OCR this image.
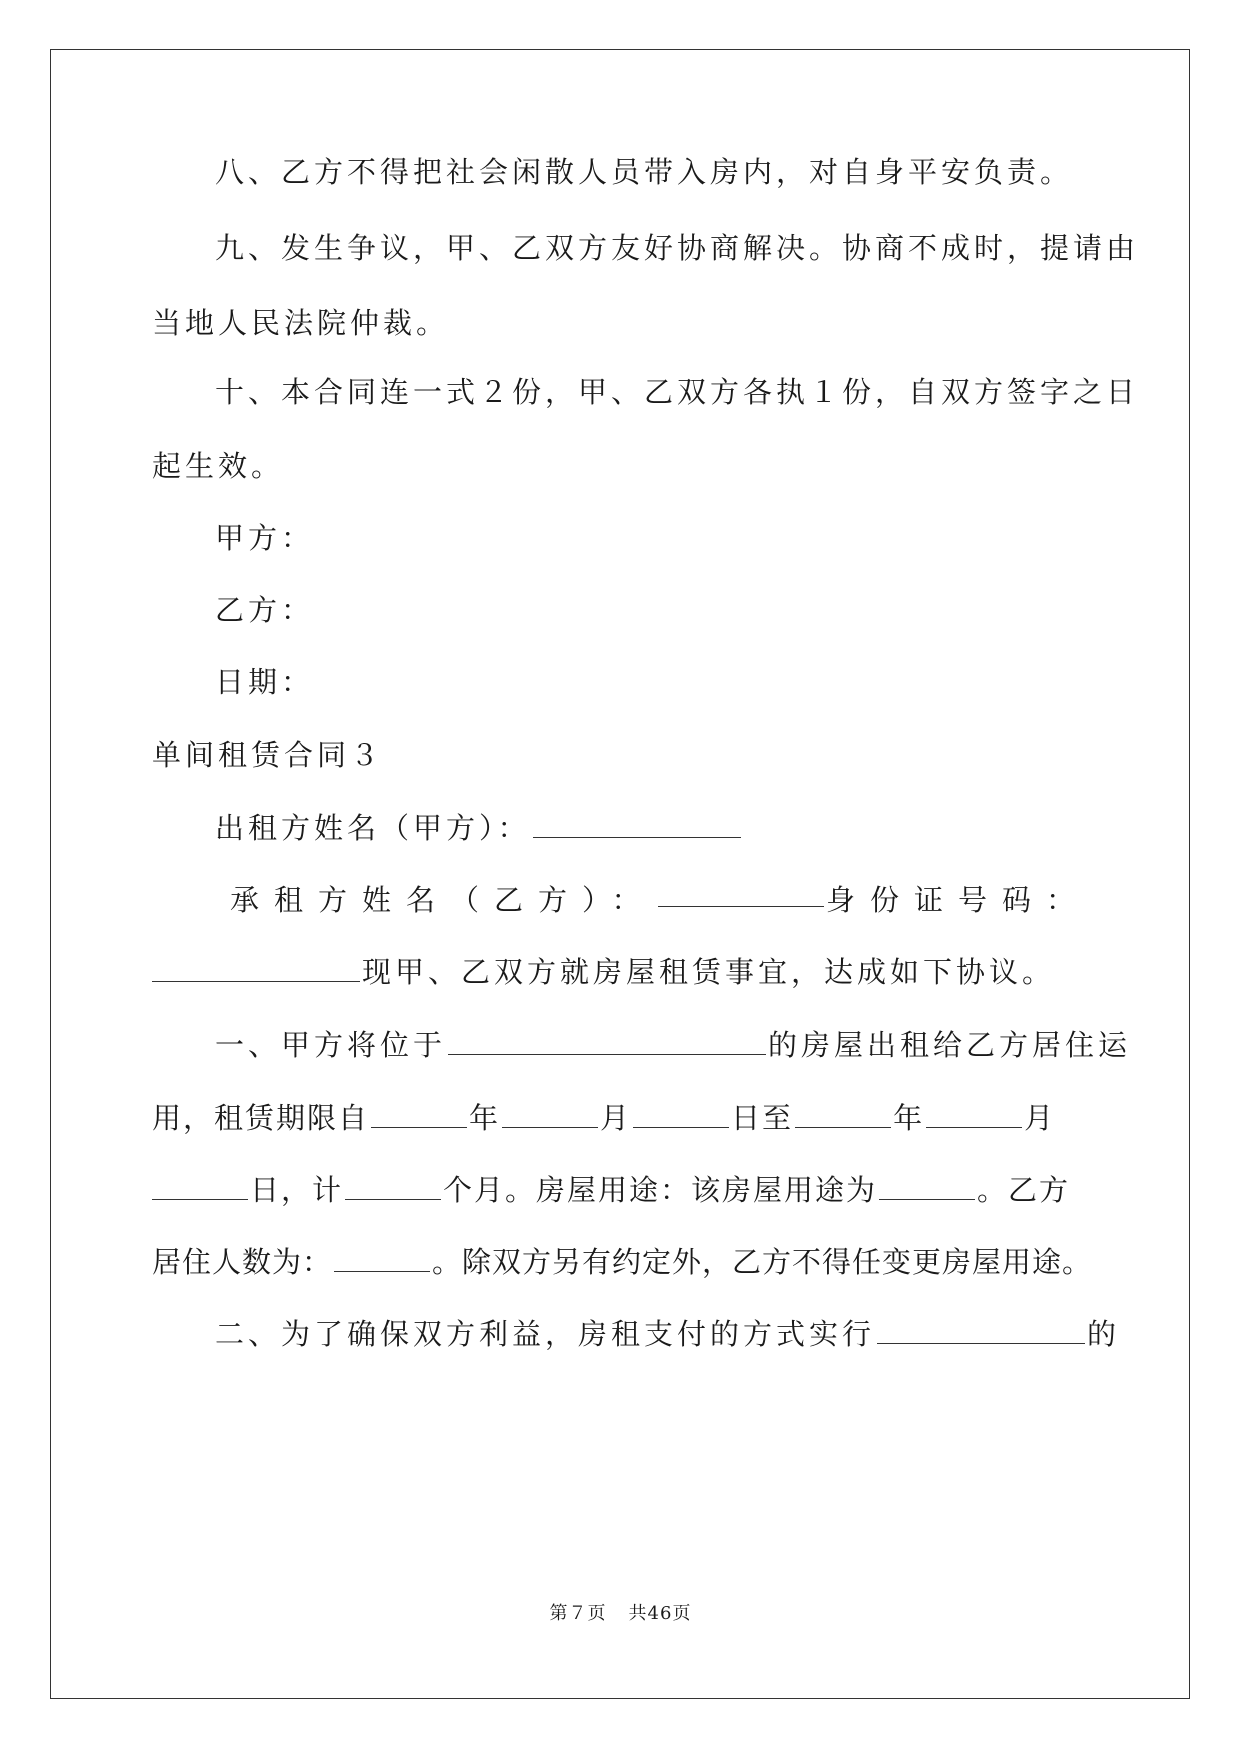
八、乙方不得把社会闲散人员带入房内，对自身平安负责。
九、发生争议，甲、乙双方友好协商解决。协商不成时，提请由
当地人民法院仲裁。
十、本合同连一式２份，甲、乙双方各执１份，自双方签字之日
起生效。
甲方：
乙方：
日期：
单间租赁合同３
出租方姓名（甲方）：
承租方姓名（乙方）：	身份证号码：
现甲、乙双方就房屋租赁事宜，达成如下协议。
一、甲方将位于	的房屋出租给乙方居住运
用，租赁期限自	年	月	日至	年	月
日，计	个月。房屋用途：该房屋用途为	。乙方
居住人数为：	。除双方另有约定外，乙方不得任变更房屋用途。
二、为了确保双方利益，房租支付的方式实行	的
第７页 共46页
